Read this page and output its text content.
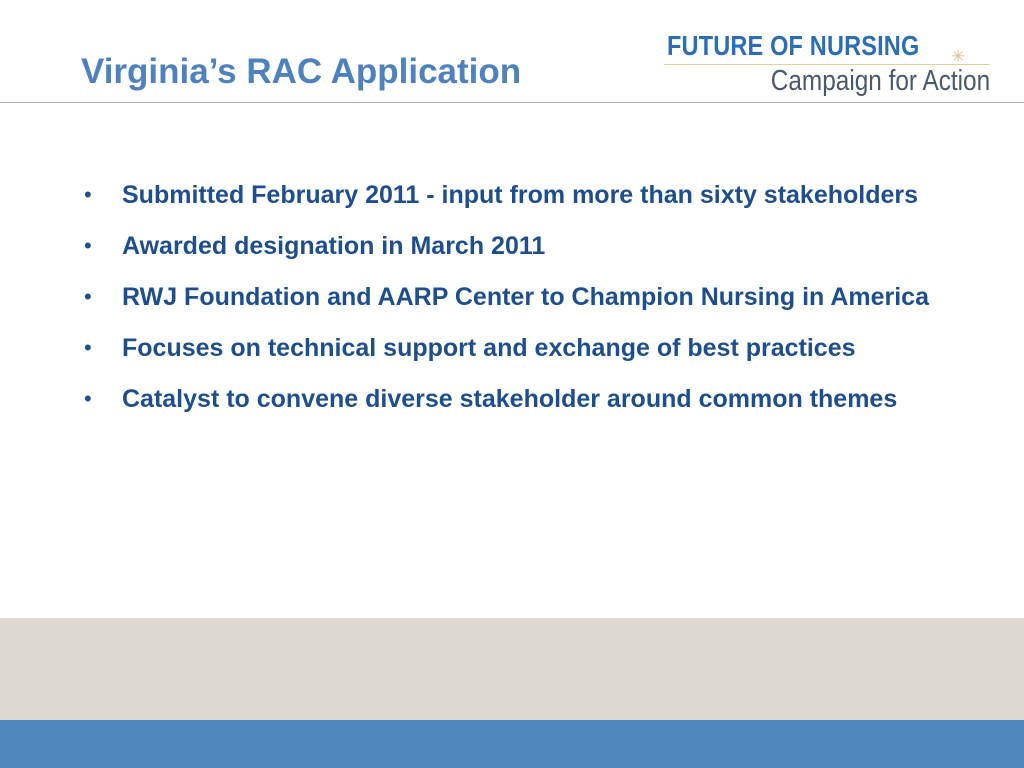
Virginia’s RAC Application
FUTURE OF NURSING ✳
Campaign for Action
• Submitted February 2011 - input from more than sixty stakeholders
• Awarded designation in March 2011
• RWJ Foundation and AARP Center to Champion Nursing in America
• Focuses on technical support and exchange of best practices
• Catalyst to convene diverse stakeholder around common themes
